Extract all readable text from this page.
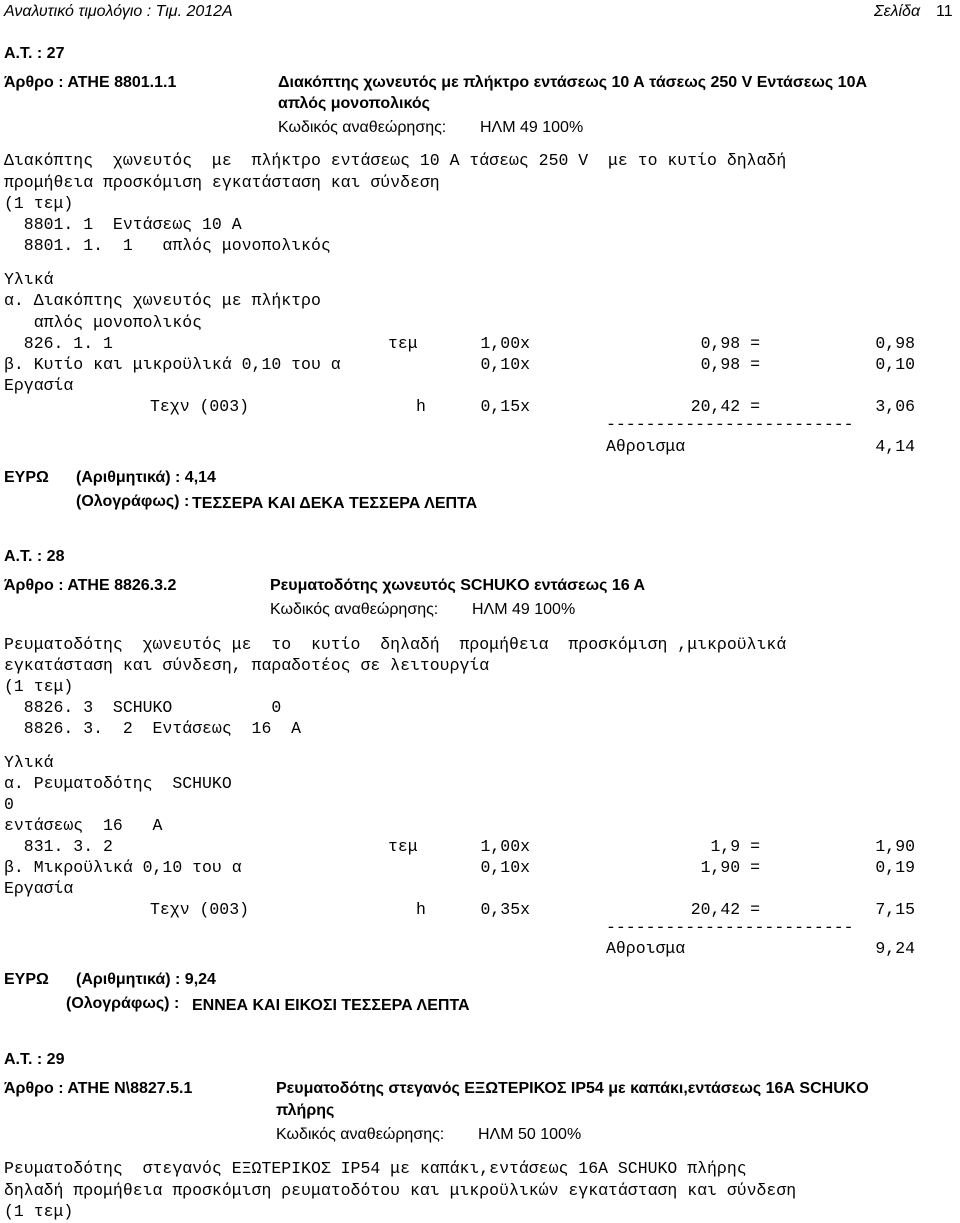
Αναλυτικό τιμολόγιο : Τιμ. 2012Α	Σελίδα 11
Α.Τ. : 27
Άρθρο : ΑΤΗΕ 8801.1.1	Διακόπτης χωνευτός με πλήκτρο εντάσεως 10 Α τάσεως 250 V Εντάσεως 10Α
απλός μονοπολικός
Κωδικός αναθεώρησης: ΗΛΜ 49 100%
Διακόπτης  χωνευτός  με  πλήκτρο εντάσεως 10 Α τάσεως 250 V  με το κυτίο δηλαδή
προμήθεια προσκόμιση εγκατάσταση και σύνδεση
(1 τεμ)
8801. 1  Εντάσεως 10 Α
8801. 1.  1   απλός μονοπολικός
Υλικά
α. Διακόπτης χωνευτός με πλήκτρο
απλός μονοπολικός
826. 1. 1	τεμ	1,00x	0,98 =	0,98
β. Κυτίο και μικροϋλικά 0,10 του α	0,10x	0,98 =	0,10
Εργασία
Τεχν (003)	h	0,15x	20,42 =	3,06
-------------------------
Αθροισμα	4,14
ΕΥΡΩ (Αριθμητικά) : 4,14
(Ολογράφως) : ΤΕΣΣΕΡΑ ΚΑΙ ΔΕΚΑ ΤΕΣΣΕΡΑ ΛΕΠΤΑ
Α.Τ. : 28
Άρθρο : ΑΤΗΕ 8826.3.2	Ρευματοδότης χωνευτός SCHUKO εντάσεως 16 Α
Κωδικός αναθεώρησης: ΗΛΜ 49 100%
Ρευματοδότης  χωνευτός με  το  κυτίο  δηλαδή  προμήθεια  προσκόμιση ,μικροϋλικά
εγκατάσταση και σύνδεση, παραδοτέος σε λειτουργία
(1 τεμ)
8826. 3  SCHUKO          0
8826. 3.  2  Εντάσεως  16  Α
Υλικά
α. Ρευματοδότης  SCHUKO
0
εντάσεως  16   Α
831. 3. 2	τεμ	1,00x	1,9 =	1,90
β. Μικροϋλικά 0,10 του α	0,10x	1,90 =	0,19
Εργασία
Τεχν (003)	h	0,35x	20,42 =	7,15
-------------------------
Αθροισμα	9,24
ΕΥΡΩ (Αριθμητικά) : 9,24
(Ολογράφως) : ΕΝΝΕΑ ΚΑΙ ΕΙΚΟΣΙ ΤΕΣΣΕΡΑ ΛΕΠΤΑ
Α.Τ. : 29
Άρθρο : ΑΤΗΕ Ν\8827.5.1	Ρευματοδότης στεγανός ΕΞΩΤΕΡΙΚΟΣ IP54 με καπάκι,εντάσεως 16Α SCHUKO
πλήρης
Κωδικός αναθεώρησης: ΗΛΜ 50 100%
Ρευματοδότης  στεγανός ΕΞΩΤΕΡΙΚΟΣ IP54 με καπάκι,εντάσεως 16Α SCHUKO πλήρης
δηλαδή προμήθεια προσκόμιση ρευματοδότου και μικροϋλικών εγκατάσταση και σύνδεση
(1 τεμ)
